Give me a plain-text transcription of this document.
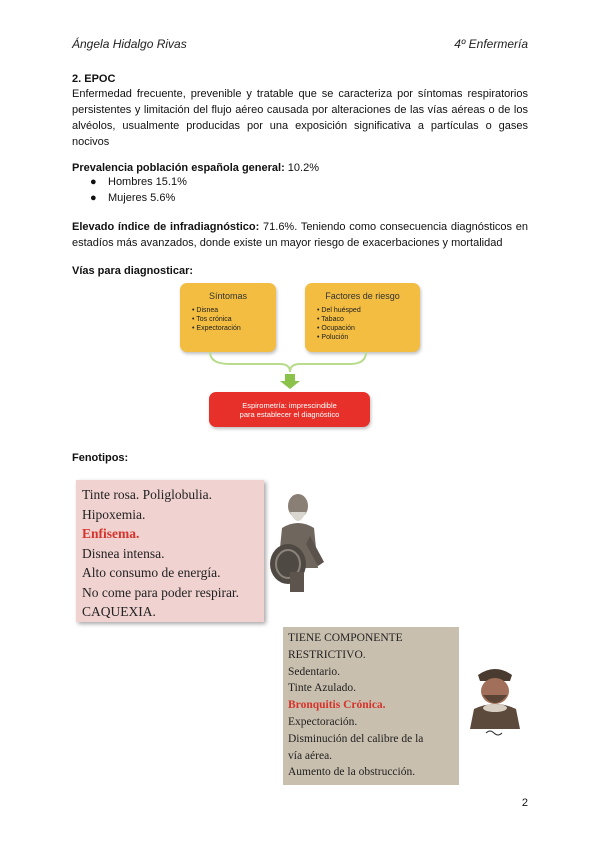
Ángela Hidalgo Rivas	4º Enfermería
2. EPOC
Enfermedad frecuente, prevenible y tratable que se caracteriza por síntomas respiratorios persistentes y limitación del flujo aéreo causada por alteraciones de las vías aéreas o de los alvéolos, usualmente producidas por una exposición significativa a partículas o gases nocivos
Prevalencia población española general: 10.2%
● Hombres 15.1%
● Mujeres 5.6%
Elevado índice de infradiagnóstico: 71.6%. Teniendo como consecuencia diagnósticos en estadíos más avanzados, donde existe un mayor riesgo de exacerbaciones y mortalidad
Vías para diagnosticar:
Síntomas
• Disnea
• Tos crónica
• Expectoración
Factores de riesgo
• Del huésped
• Tabaco
• Ocupación
• Polución
Espirometría: imprescindible
para establecer el diagnóstico
Fenotipos:
Tinte rosa. Poliglobulia.
Hipoxemia.
Enfisema.
Disnea intensa.
Alto consumo de energía.
No come para poder respirar.
CAQUEXIA.
TIENE COMPONENTE
RESTRICTIVO.
Sedentario.
Tinte Azulado.
Bronquitis Crónica.
Expectoración.
Disminución del calibre de la
vía aérea.
Aumento de la obstrucción.
2
